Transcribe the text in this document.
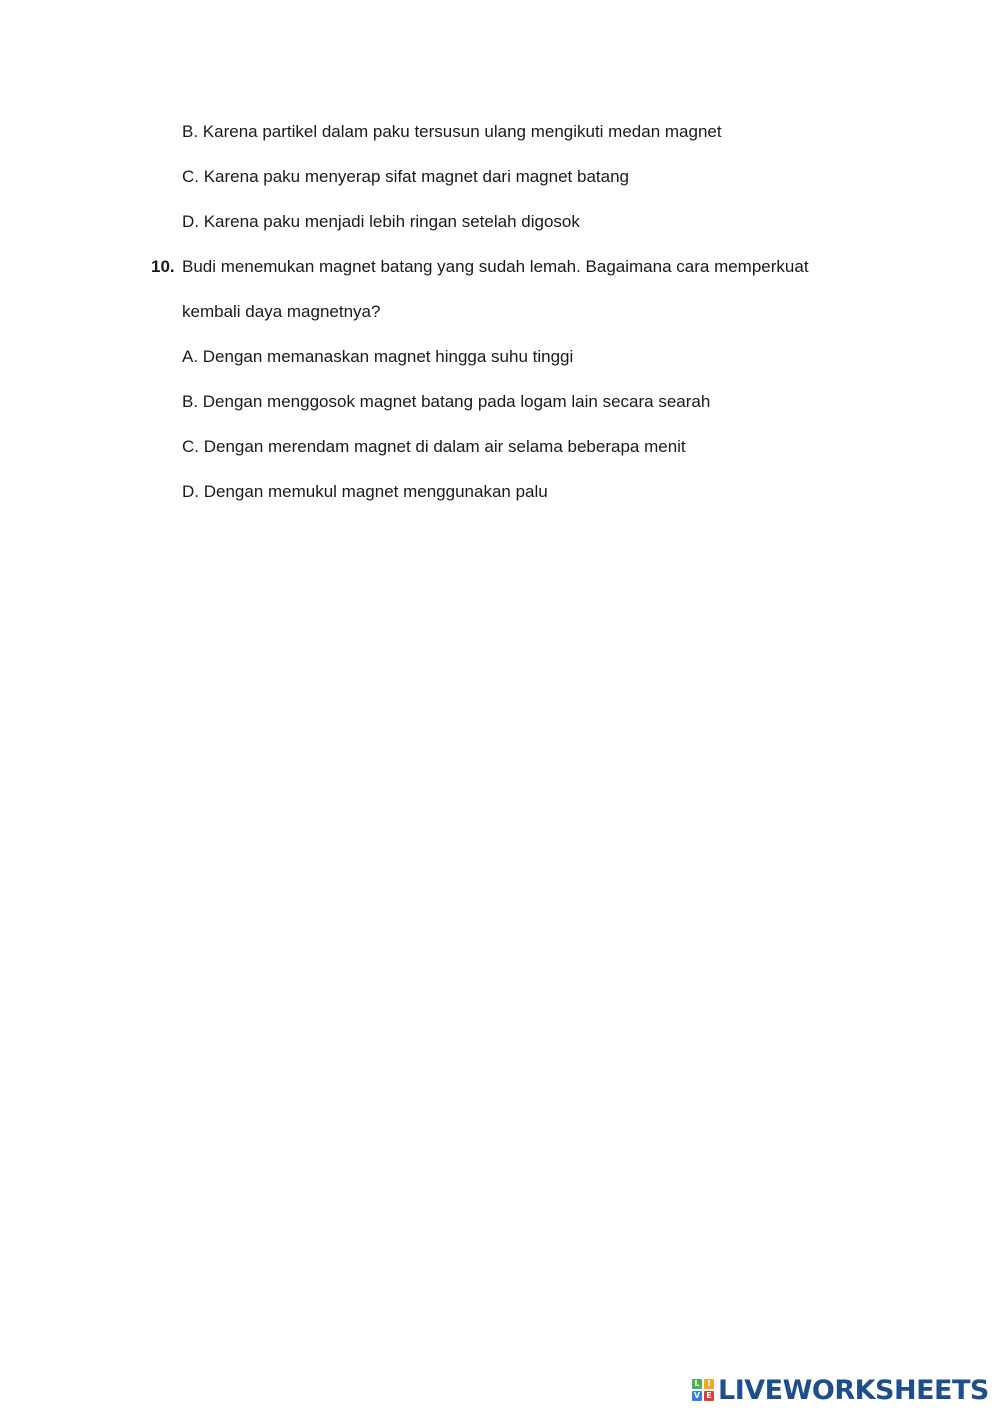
B. Karena partikel dalam paku tersusun ulang mengikuti medan magnet
C. Karena paku menyerap sifat magnet dari magnet batang
D. Karena paku menjadi lebih ringan setelah digosok
10. Budi menemukan magnet batang yang sudah lemah. Bagaimana cara memperkuat
kembali daya magnetnya?
A. Dengan memanaskan magnet hingga suhu tinggi
B. Dengan menggosok magnet batang pada logam lain secara searah
C. Dengan merendam magnet di dalam air selama beberapa menit
D. Dengan memukul magnet menggunakan palu
L I
V E LIVEWORKSHEETS
